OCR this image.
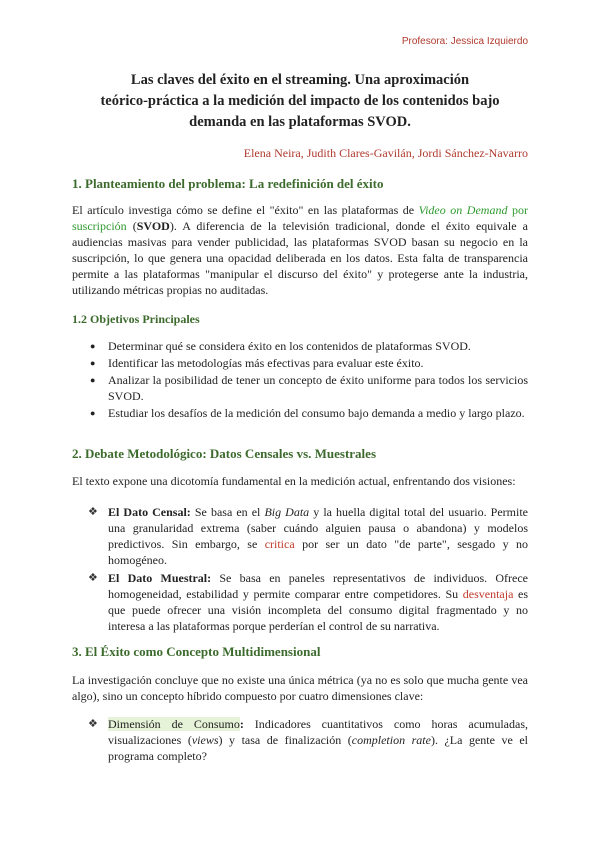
Profesora: Jessica Izquierdo
Las claves del éxito en el streaming. Una aproximación
teórico-práctica a la medición del impacto de los contenidos bajo
demanda en las plataformas SVOD.
Elena Neira, Judith Clares-Gavilán, Jordi Sánchez-Navarro
1. Planteamiento del problema: La redefinición del éxito
El artículo investiga cómo se define el "éxito" en las plataformas de Video on Demand por suscripción (SVOD). A diferencia de la televisión tradicional, donde el éxito equivale a audiencias masivas para vender publicidad, las plataformas SVOD basan su negocio en la suscripción, lo que genera una opacidad deliberada en los datos. Esta falta de transparencia permite a las plataformas "manipular el discurso del éxito" y protegerse ante la industria, utilizando métricas propias no auditadas.
1.2 Objetivos Principales
● Determinar qué se considera éxito en los contenidos de plataformas SVOD.
● Identificar las metodologías más efectivas para evaluar este éxito.
● Analizar la posibilidad de tener un concepto de éxito uniforme para todos los servicios SVOD.
● Estudiar los desafíos de la medición del consumo bajo demanda a medio y largo plazo.
2. Debate Metodológico: Datos Censales vs. Muestrales
El texto expone una dicotomía fundamental en la medición actual, enfrentando dos visiones:
❖ El Dato Censal: Se basa en el Big Data y la huella digital total del usuario. Permite una granularidad extrema (saber cuándo alguien pausa o abandona) y modelos predictivos. Sin embargo, se critica por ser un dato "de parte", sesgado y no homogéneo.
❖ El Dato Muestral: Se basa en paneles representativos de individuos. Ofrece homogeneidad, estabilidad y permite comparar entre competidores. Su desventaja es que puede ofrecer una visión incompleta del consumo digital fragmentado y no interesa a las plataformas porque perderían el control de su narrativa.
3. El Éxito como Concepto Multidimensional
La investigación concluye que no existe una única métrica (ya no es solo que mucha gente vea algo), sino un concepto híbrido compuesto por cuatro dimensiones clave:
❖ Dimensión de Consumo: Indicadores cuantitativos como horas acumuladas, visualizaciones (views) y tasa de finalización (completion rate). ¿La gente ve el programa completo?
